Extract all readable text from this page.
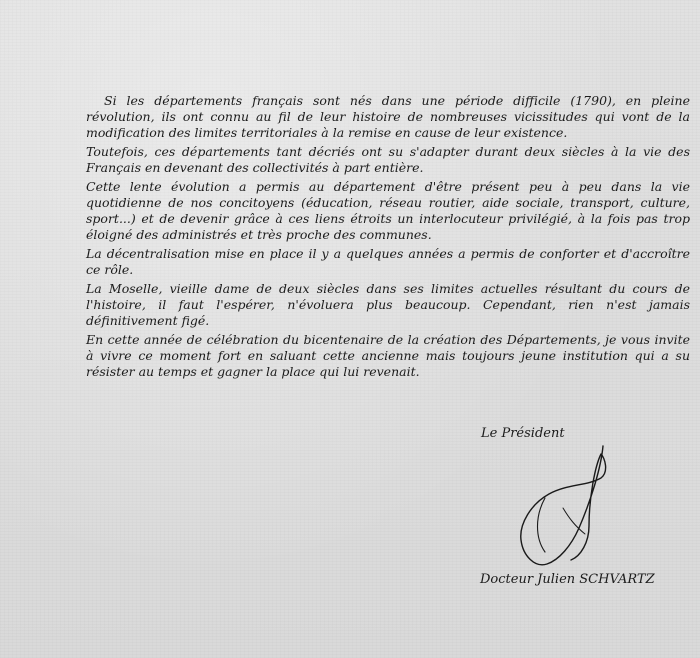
Si les départements français sont nés dans une période difficile (1790), en pleine révolution, ils ont connu au fil de leur histoire de nombreuses vicissitudes qui vont de la modification des limites territoriales à la remise en cause de leur existence.

Toutefois, ces départements tant décriés ont su s'adapter durant deux siècles à la vie des Français en devenant des collectivités à part entière.

Cette lente évolution a permis au département d'être présent peu à peu dans la vie quotidienne de nos concitoyens (éducation, réseau routier, aide sociale, transport, culture, sport...) et de devenir grâce à ces liens étroits un interlocuteur privilégié, à la fois pas trop éloigné des administrés et très proche des communes.

La décentralisation mise en place il y a quelques années a permis de conforter et d'accroître ce rôle.

La Moselle, vieille dame de deux siècles dans ses limites actuelles résultant du cours de l'histoire, il faut l'espérer, n'évoluera plus beaucoup. Cependant, rien n'est jamais définitivement figé.

En cette année de célébration du bicentenaire de la création des Départements, je vous invite à vivre ce moment fort en saluant cette ancienne mais toujours jeune institution qui a su résister au temps et gagner la place qui lui revenait.

Le Président
Docteur Julien SCHVARTZ
